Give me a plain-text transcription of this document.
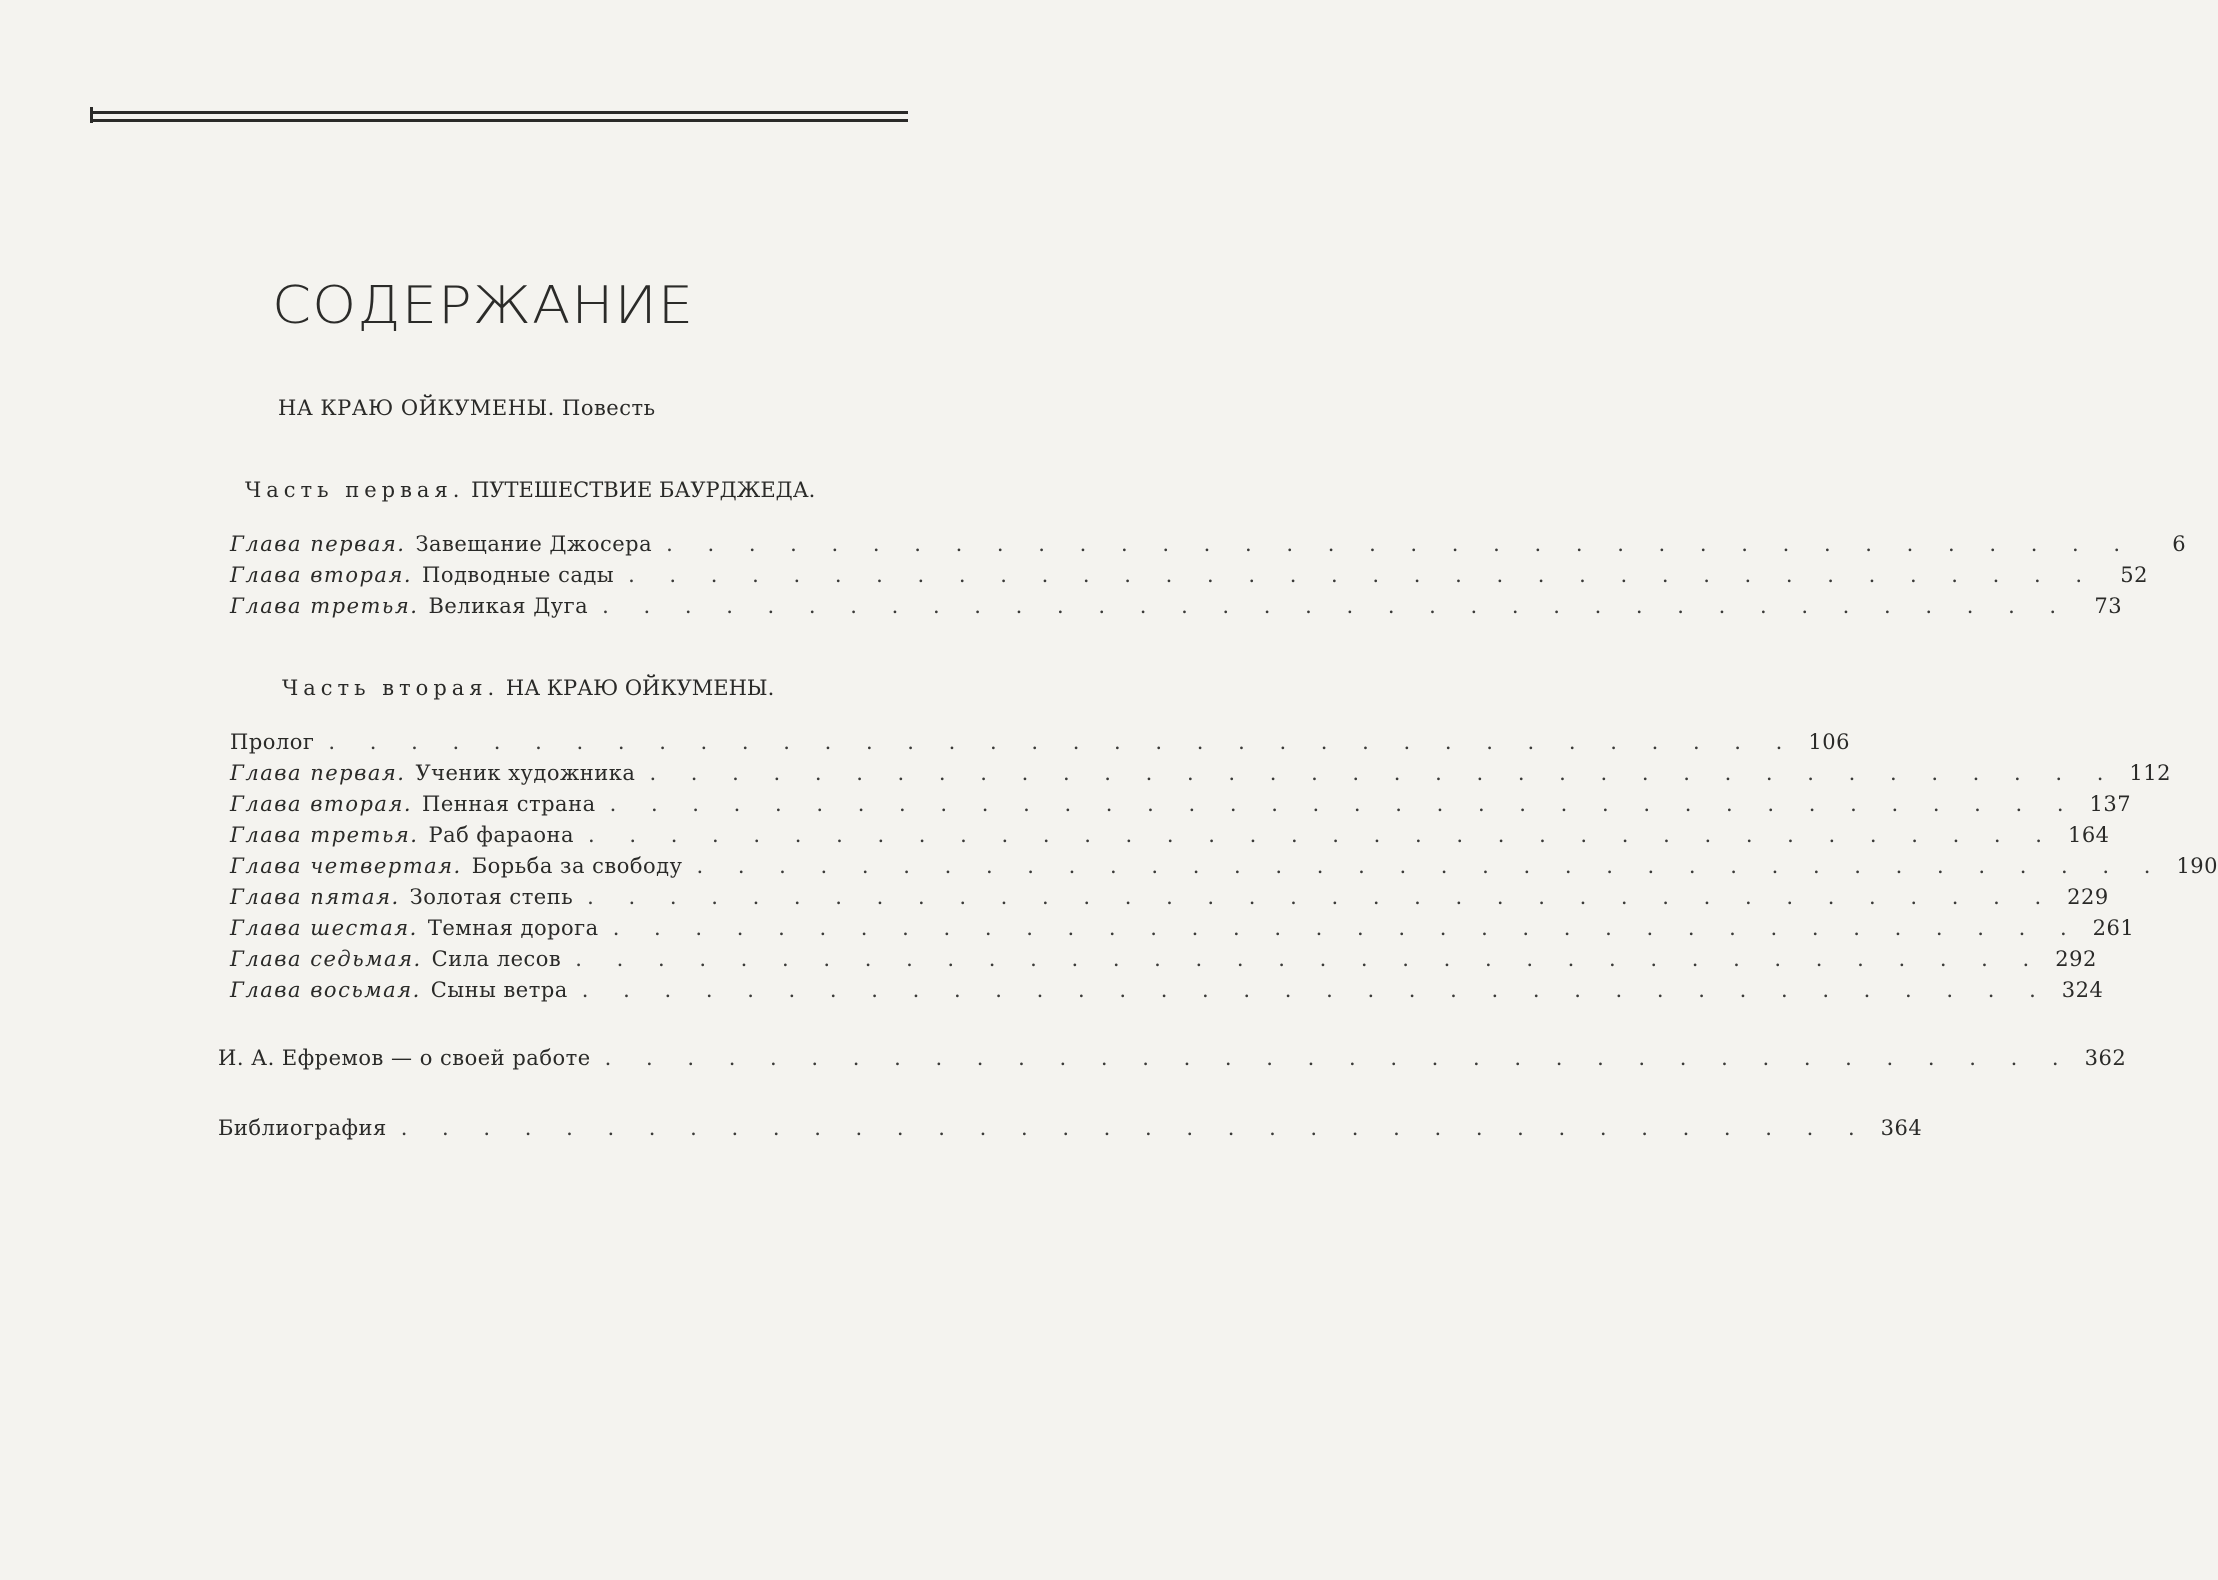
СОДЕРЖАНИЕ
НА КРАЮ ОЙКУМЕНЫ. Повесть
Часть первая. ПУТЕШЕСТВИЕ БАУРДЖЕДА.
Глава первая. Завещание Джосера . . . . . . . . . . . . . . . . . . . . . . . . . . . . . . . . . . . .	6
Глава вторая. Подводные сады . . . . . . . . . . . . . . . . . . . . . . . . . . . . . . . . . . . .	52
Глава третья. Великая Дуга . . . . . . . . . . . . . . . . . . . . . . . . . . . . . . . . . . . .	73
Часть вторая. НА КРАЮ ОЙКУМЕНЫ.
Пролог . . . . . . . . . . . . . . . . . . . . . . . . . . . . . . . . . . . . 106
Глава первая. Ученик художника . . . . . . . . . . . . . . . . . . . . . . . . . . . . . . . . . . . . 112
Глава вторая. Пенная страна . . . . . . . . . . . . . . . . . . . . . . . . . . . . . . . . . . . . 137
Глава третья. Раб фараона . . . . . . . . . . . . . . . . . . . . . . . . . . . . . . . . . . . . 164
Глава четвертая. Борьба за свободу . . . . . . . . . . . . . . . . . . . . . . . . . . . . . . . . . . . . 190
Глава пятая. Золотая степь . . . . . . . . . . . . . . . . . . . . . . . . . . . . . . . . . . . . 229
Глава шестая. Темная дорога . . . . . . . . . . . . . . . . . . . . . . . . . . . . . . . . . . . . 261
Глава седьмая. Сила лесов . . . . . . . . . . . . . . . . . . . . . . . . . . . . . . . . . . . . 292
Глава восьмая. Сыны ветра . . . . . . . . . . . . . . . . . . . . . . . . . . . . . . . . . . . . 324
И. А. Ефремов — о своей работе . . . . . . . . . . . . . . . . . . . . . . . . . . . . . . . . . . . . 362
Библиография . . . . . . . . . . . . . . . . . . . . . . . . . . . . . . . . . . . . 364
